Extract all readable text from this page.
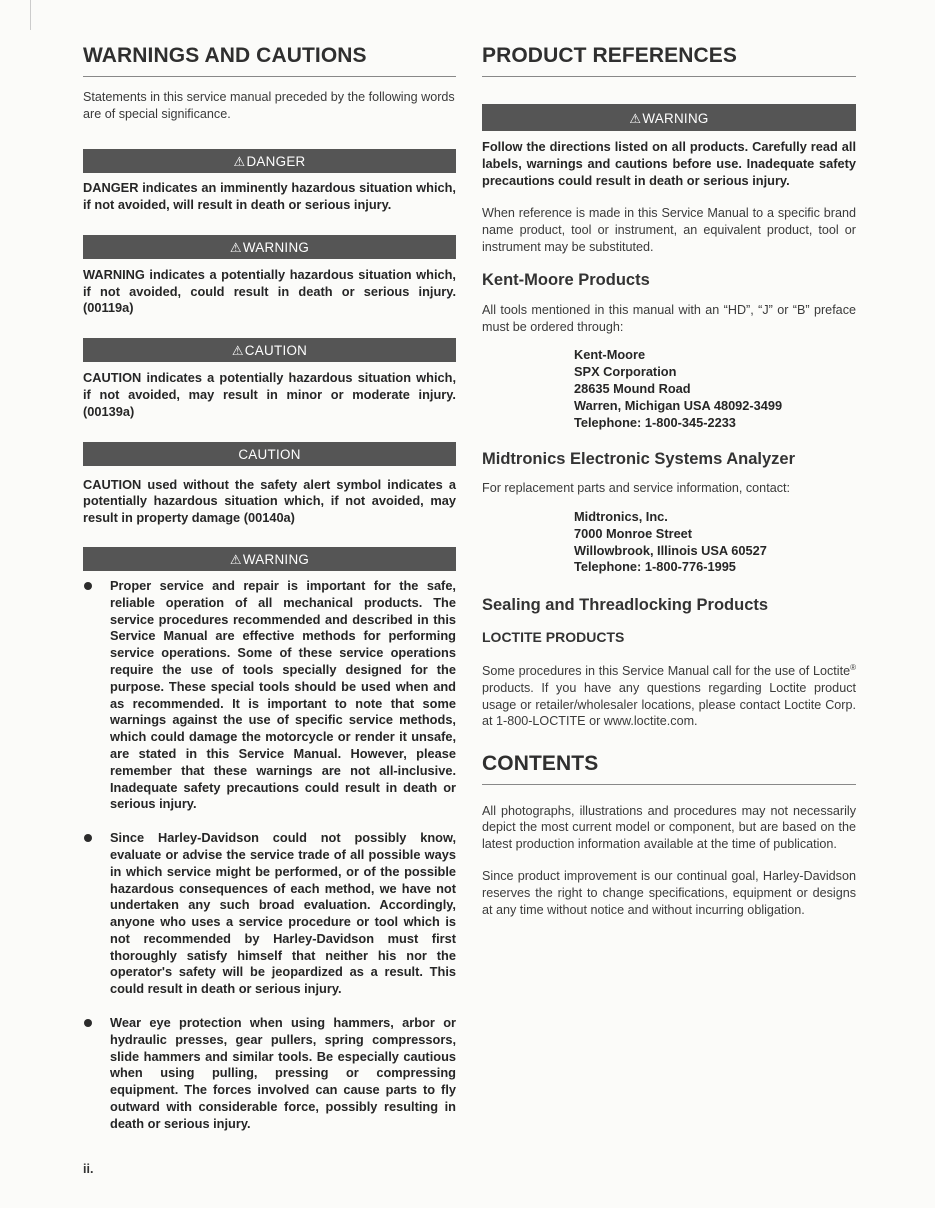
WARNINGS AND CAUTIONS

Statements in this service manual preceded by the following words are of special significance.

⚠DANGER

DANGER indicates an imminently hazardous situation which, if not avoided, will result in death or serious injury.

⚠WARNING

WARNING indicates a potentially hazardous situation which, if not avoided, could result in death or serious injury. (00119a)

⚠CAUTION

CAUTION indicates a potentially hazardous situation which, if not avoided, may result in minor or moderate injury. (00139a)

CAUTION

CAUTION used without the safety alert symbol indicates a potentially hazardous situation which, if not avoided, may result in property damage (00140a)

⚠WARNING
Proper service and repair is important for the safe, reliable operation of all mechanical products. The service procedures recommended and described in this Service Manual are effective methods for performing service operations. Some of these service operations require the use of tools specially designed for the purpose. These special tools should be used when and as recommended. It is important to note that some warnings against the use of specific service methods, which could damage the motorcycle or render it unsafe, are stated in this Service Manual. However, please remember that these warnings are not all-inclusive. Inadequate safety precautions could result in death or serious injury.
Since Harley-Davidson could not possibly know, evaluate or advise the service trade of all possible ways in which service might be performed, or of the possible hazardous consequences of each method, we have not undertaken any such broad evaluation. Accordingly, anyone who uses a service procedure or tool which is not recommended by Harley-Davidson must first thoroughly satisfy himself that neither his nor the operator's safety will be jeopardized as a result. This could result in death or serious injury.
Wear eye protection when using hammers, arbor or hydraulic presses, gear pullers, spring compressors, slide hammers and similar tools. Be especially cautious when using pulling, pressing or compressing equipment. The forces involved can cause parts to fly outward with considerable force, possibly resulting in death or serious injury.
PRODUCT REFERENCES
⚠WARNING

Follow the directions listed on all products. Carefully read all labels, warnings and cautions before use. Inadequate safety precautions could result in death or serious injury.

When reference is made in this Service Manual to a specific brand name product, tool or instrument, an equivalent product, tool or instrument may be substituted.

Kent-Moore Products

All tools mentioned in this manual with an “HD”, “J” or “B” preface must be ordered through:

Kent-Moore
SPX Corporation
28635 Mound Road
Warren, Michigan USA 48092-3499
Telephone: 1-800-345-2233
Midtronics Electronic Systems Analyzer

For replacement parts and service information, contact:

Midtronics, Inc.
7000 Monroe Street
Willowbrook, Illinois USA 60527
Telephone: 1-800-776-1995
Sealing and Threadlocking Products
LOCTITE PRODUCTS

Some procedures in this Service Manual call for the use of Loctite® products. If you have any questions regarding Loctite product usage or retailer/wholesaler locations, please contact Loctite Corp. at 1-800-LOCTITE or www.loctite.com.

CONTENTS

All photographs, illustrations and procedures may not necessarily depict the most current model or component, but are based on the latest production information available at the time of publication.

Since product improvement is our continual goal, Harley-Davidson reserves the right to change specifications, equipment or designs at any time without notice and without incurring obligation.

ii.
